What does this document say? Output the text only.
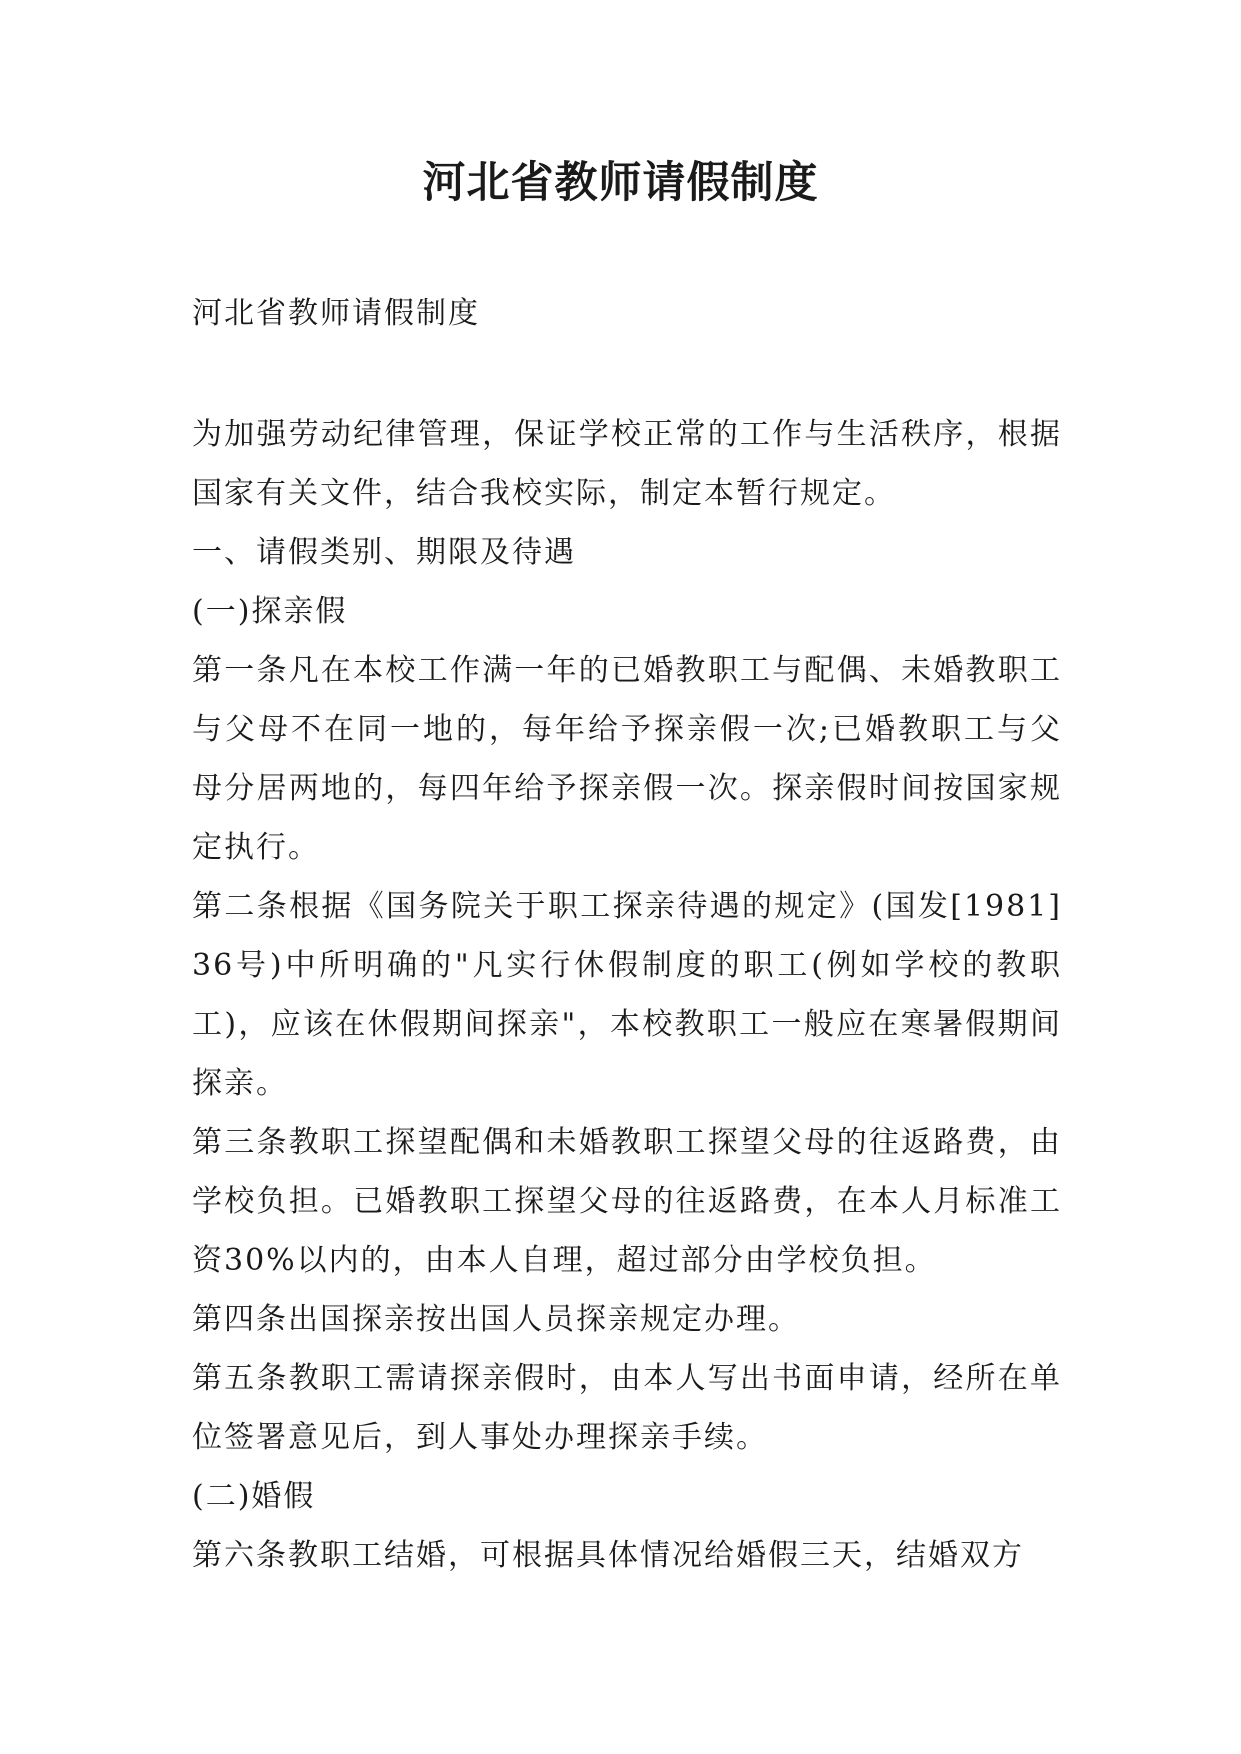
河北省教师请假制度

河北省教师请假制度

为加强劳动纪律管理，保证学校正常的工作与生活秩序，根据国家有关文件，结合我校实际，制定本暂行规定。

一、请假类别、期限及待遇

(一)探亲假

第一条凡在本校工作满一年的已婚教职工与配偶、未婚教职工与父母不在同一地的，每年给予探亲假一次;已婚教职工与父母分居两地的，每四年给予探亲假一次。探亲假时间按国家规定执行。

第二条根据《国务院关于职工探亲待遇的规定》(国发[1981]36号)中所明确的"凡实行休假制度的职工(例如学校的教职工)，应该在休假期间探亲"，本校教职工一般应在寒暑假期间探亲。

第三条教职工探望配偶和未婚教职工探望父母的往返路费，由学校负担。已婚教职工探望父母的往返路费，在本人月标准工资30%以内的，由本人自理，超过部分由学校负担。

第四条出国探亲按出国人员探亲规定办理。

第五条教职工需请探亲假时，由本人写出书面申请，经所在单位签署意见后，到人事处办理探亲手续。

(二)婚假

第六条教职工结婚，可根据具体情况给婚假三天，结婚双方
